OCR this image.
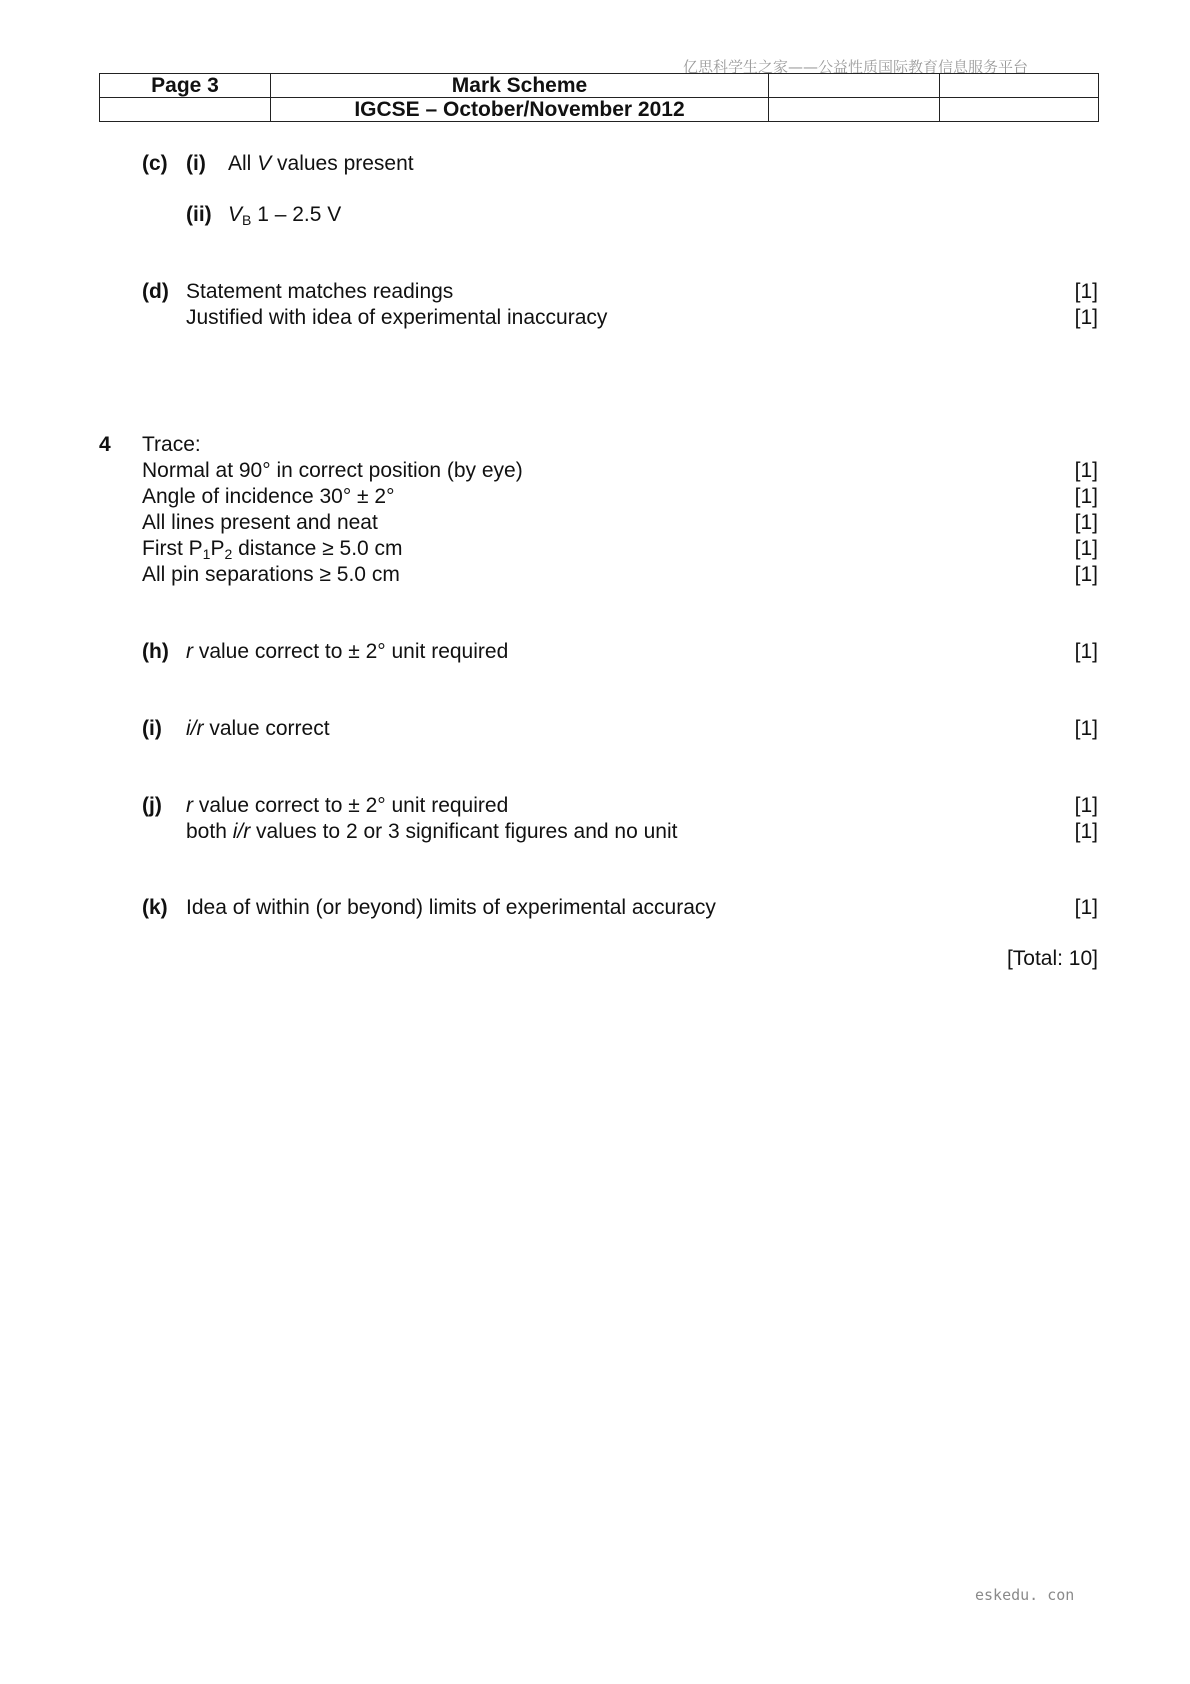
亿思科学生之家——公益性质国际教育信息服务平台
Page 3	Mark Scheme		
	IGCSE – October/November 2012		
(c) (i) All V values present
(ii) $V_B$ 1 – 2.5 V
(d) Statement matches readings	[1]
Justified with idea of experimental inaccuracy	[1]
4 Trace:
Normal at 90° in correct position (by eye)	[1]
Angle of incidence 30° ± 2°	[1]
All lines present and neat	[1]
First $P_1P_2$ distance ≥ 5.0 cm	[1]
All pin separations ≥ 5.0 cm	[1]
(h) r value correct to ± 2° unit required	[1]
(i) i/r value correct	[1]
(j) r value correct to ± 2° unit required	[1]
both i/r values to 2 or 3 significant figures and no unit	[1]
(k) Idea of within (or beyond) limits of experimental accuracy	[1]
[Total: 10]
eskedu. con
